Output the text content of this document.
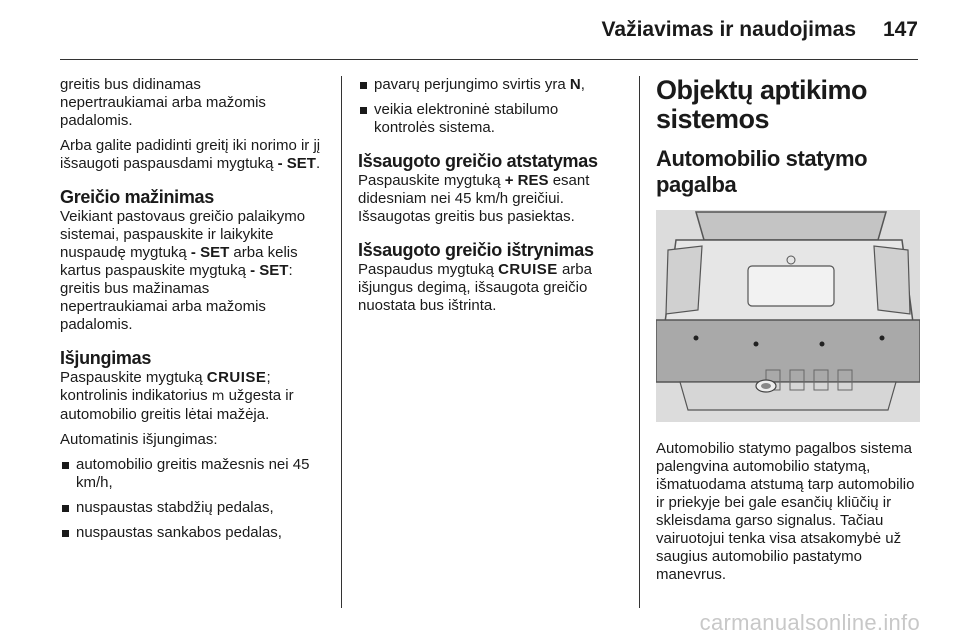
Važiavimas ir naudojimas 147

greitis bus didinamas
nepertraukiamai arba mažomis
padalomis.

Arba galite padidinti greitį iki norimo ir jį išsaugoti paspausdami mygtuką - SET.

Greičio mažinimas

Veikiant pastovaus greičio palaikymo sistemai, paspauskite ir laikykite nuspaudę mygtuką - SET arba kelis kartus paspauskite mygtuką - SET:
greitis bus mažinamas
nepertraukiamai arba mažomis
padalomis.

Išjungimas

Paspauskite mygtuką CRUISE;

kontrolinis indikatorius m užgesta ir automobilio greitis lėtai mažėja.

Automatinis išjungimas:

automobilio greitis mažesnis nei 45 km/h,
nuspaustas stabdžių pedalas,
nuspaustas sankabos pedalas,
pavarų perjungimo svirtis yra N,
veikia elektroninė stabilumo kontrolės sistema.
Išsaugoto greičio atstatymas

Paspauskite mygtuką + RES esant didesniam nei 45 km/h greičiui. Išsaugotas greitis bus pasiektas.

Išsaugoto greičio ištrynimas

Paspaudus mygtuką CRUISE arba išjungus degimą, išsaugota greičio nuostata bus ištrinta.

Objektų aptikimo sistemos
Automobilio statymo pagalba

Automobilio statymo pagalbos sistema palengvina automobilio statymą, išmatuodama atstumą tarp automobilio ir priekyje bei gale esančių kliūčių ir skleisdama garso signalus. Tačiau vairuotojui tenka visa atsakomybė už saugius automobilio pastatymo manevrus.

carmanualsonline.info
